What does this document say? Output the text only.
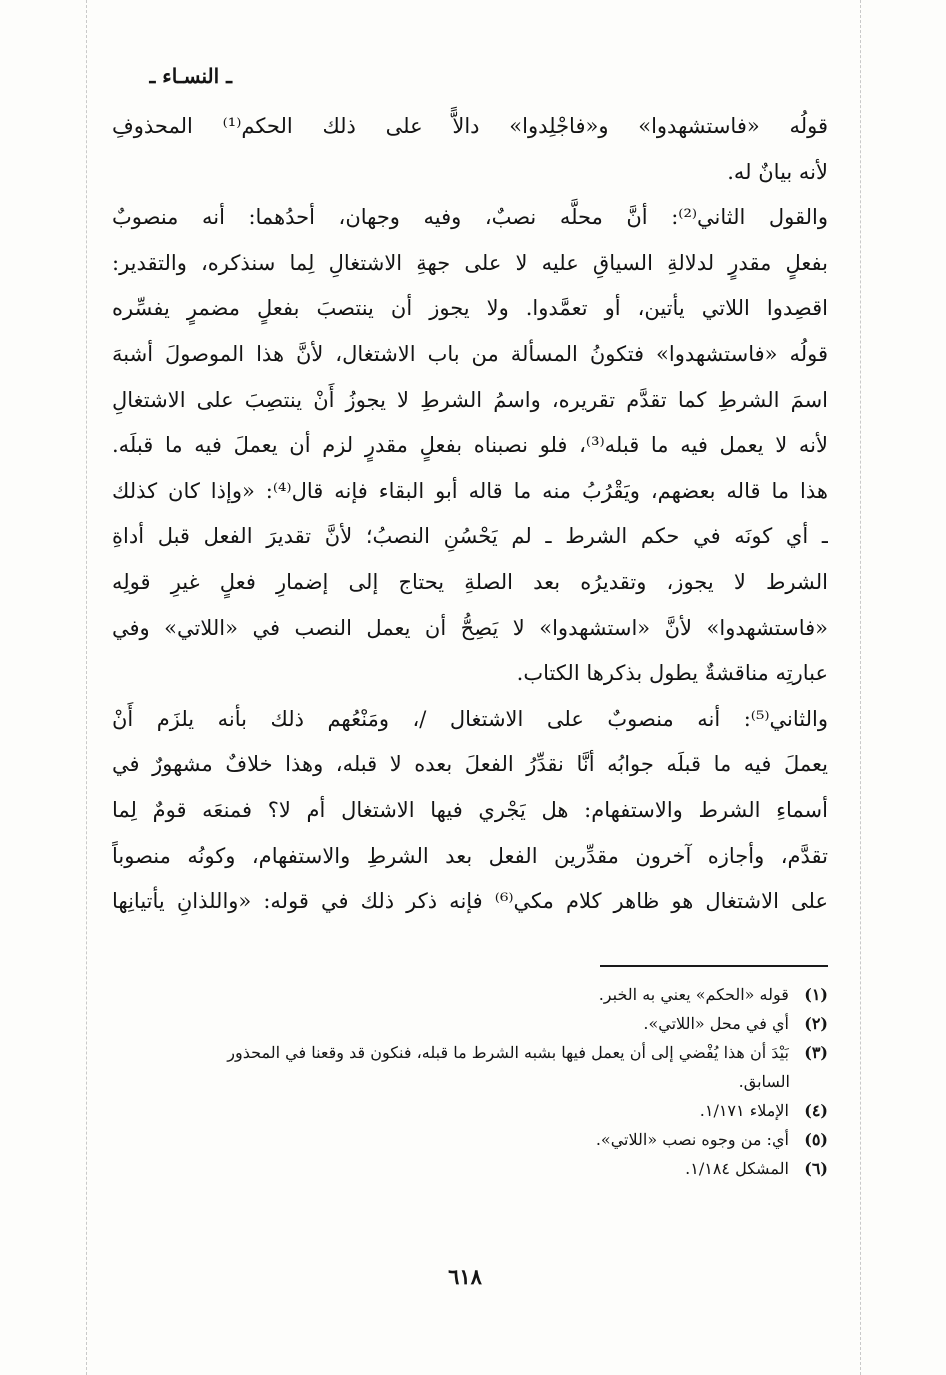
ـ النسـاء ـ
قولُه «فاستشهدوا» و«فاجْلِدوا» دالاًّ على ذلك الحكم⁽¹⁾ المحذوفِ
لأنه بيانٌ له.
والقول الثاني⁽²⁾: أنَّ محلَّه نصبٌ، وفيه وجهان، أحدُهما: أنه منصوبٌ
بفعلٍ مقدرٍ لدلالةِ السياقِ عليه لا على جهةِ الاشتغالِ لِما سنذكره، والتقدير:
اقصِدوا اللاتي يأتين، أو تعمَّدوا. ولا يجوز أن ينتصبَ بفعلٍ مضمرٍ يفسِّره
قولُه «فاستشهدوا» فتكونُ المسألة من باب الاشتغال، لأنَّ هذا الموصولَ أشبهَ
اسمَ الشرطِ كما تقدَّم تقريره، واسمُ الشرطِ لا يجوزُ أَنْ ينتصِبَ على الاشتغالِ
لأنه لا يعمل فيه ما قبله⁽³⁾، فلو نصبناه بفعلٍ مقدرٍ لزم أن يعملَ فيه ما قبلَه.
هذا ما قاله بعضهم، ويَقْرُبُ منه ما قاله أبو البقاء فإنه قال⁽⁴⁾: «وإذا كان كذلك
ـ أي كونَه في حكم الشرط ـ لم يَحْسُنِ النصبُ؛ لأنَّ تقديرَ الفعل قبل أداةِ
الشرط لا يجوز، وتقديرُه بعد الصلةِ يحتاج إلى إضمارِ فعلٍ غيرِ قولِه
«فاستشهدوا» لأنَّ «استشهدوا» لا يَصِحُّ أن يعمل النصب في «اللاتي» وفي
عبارتِه مناقشةٌ يطول بذكرها الكتاب.
والثاني⁽⁵⁾: أنه منصوبٌ على الاشتغال /، ومَنْعُهم ذلك بأنه يلزَم أَنْ
يعملَ فيه ما قبلَه جوابُه أنَّا نقدِّرُ الفعلَ بعده لا قبله، وهذا خلافٌ مشهورٌ في
أسماءِ الشرط والاستفهام: هل يَجْري فيها الاشتغال أم لا؟ فمنعَه قومٌ لِما
تقدَّم، وأجازه آخرون مقدِّرين الفعل بعد الشرطِ والاستفهام، وكونُه منصوباً
على الاشتغال هو ظاهر كلام مكي⁽⁶⁾ فإنه ذكر ذلك في قوله: «واللذانِ يأتيانِها
(١) قوله «الحكم» يعني به الخبر.
(٢) أي في محل «اللاتي».
(٣) بَيْدَ أن هذا يُفْضي إلى أن يعمل فيها بشبه الشرط ما قبله، فنكون قد وقعنا في المحذور
السابق.
(٤) الإملاء ١/١٧١.
(٥) أي: من وجوه نصب «اللاتي».
(٦) المشكل ١/١٨٤.
٦١٨
